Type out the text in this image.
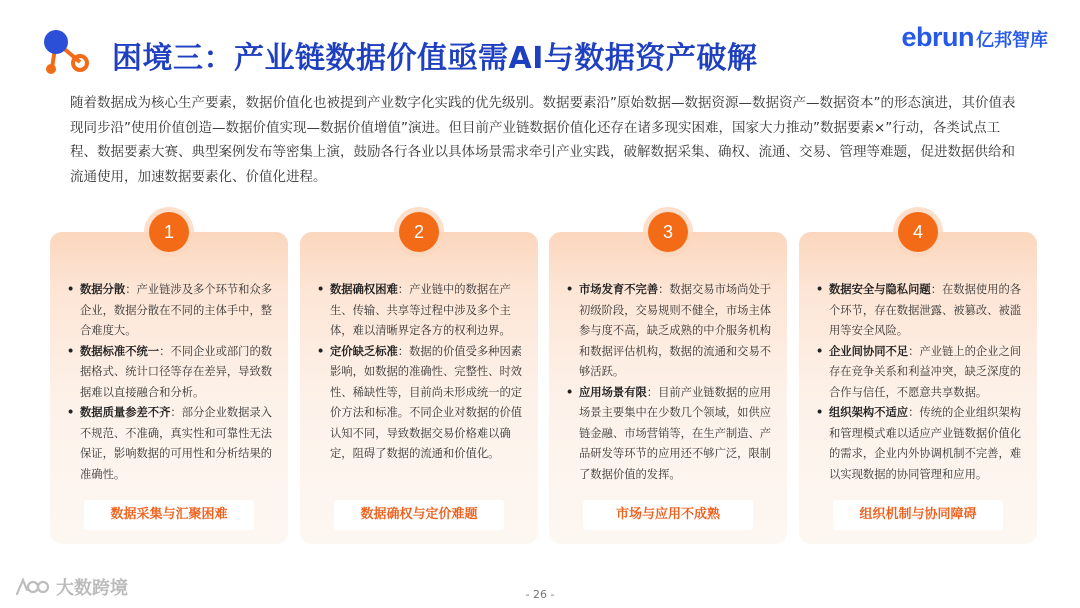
困境三：产业链数据价值亟需AI与数据资产破解
ebrun 亿邦智库

随着数据成为核心生产要素，数据价值化也被提到产业数字化实践的优先级别。数据要素沿”原始数据—数据资源—数据资产—数据资本”的形态演进，其价值表现同步沿”使用价值创造—数据价值实现—数据价值增值”演进。但目前产业链数据价值化还存在诸多现实困难，国家大力推动”数据要素×”行动，各类试点工程、数据要素大赛、典型案例发布等密集上演，鼓励各行各业以具体场景需求牵引产业实践，破解数据采集、确权、流通、交易、管理等难题，促进数据供给和流通使用，加速数据要素化、价值化进程。

• 数据分散：产业链涉及多个环节和众多企业，数据分散在不同的主体手中，整合难度大。
• 数据标准不统一：不同企业或部门的数据格式、统计口径等存在差异，导致数据难以直接融合和分析。
• 数据质量参差不齐：部分企业数据录入不规范、不准确，真实性和可靠性无法保证，影响数据的可用性和分析结果的准确性。
数据采集与汇聚困难
1
• 数据确权困难：产业链中的数据在产生、传输、共享等过程中涉及多个主体，难以清晰界定各方的权利边界。
• 定价缺乏标准：数据的价值受多种因素影响，如数据的准确性、完整性、时效性、稀缺性等，目前尚未形成统一的定价方法和标准。不同企业对数据的价值认知不同，导致数据交易价格难以确定，阻碍了数据的流通和价值化。
数据确权与定价难题
2
• 市场发育不完善：数据交易市场尚处于初级阶段，交易规则不健全，市场主体参与度不高，缺乏成熟的中介服务机构和数据评估机构，数据的流通和交易不够活跃。
• 应用场景有限：目前产业链数据的应用场景主要集中在少数几个领域，如供应链金融、市场营销等，在生产制造、产品研发等环节的应用还不够广泛，限制了数据价值的发挥。
市场与应用不成熟
3
• 数据安全与隐私问题：在数据使用的各个环节，存在数据泄露、被篡改、被滥用等安全风险。
• 企业间协同不足：产业链上的企业之间存在竞争关系和利益冲突，缺乏深度的合作与信任，不愿意共享数据。
• 组织架构不适应：传统的企业组织架构和管理模式难以适应产业链数据价值化的需求，企业内外协调机制不完善，难以实现数据的协同管理和应用。
组织机制与协同障碍
4
大数跨境	- 26 -
